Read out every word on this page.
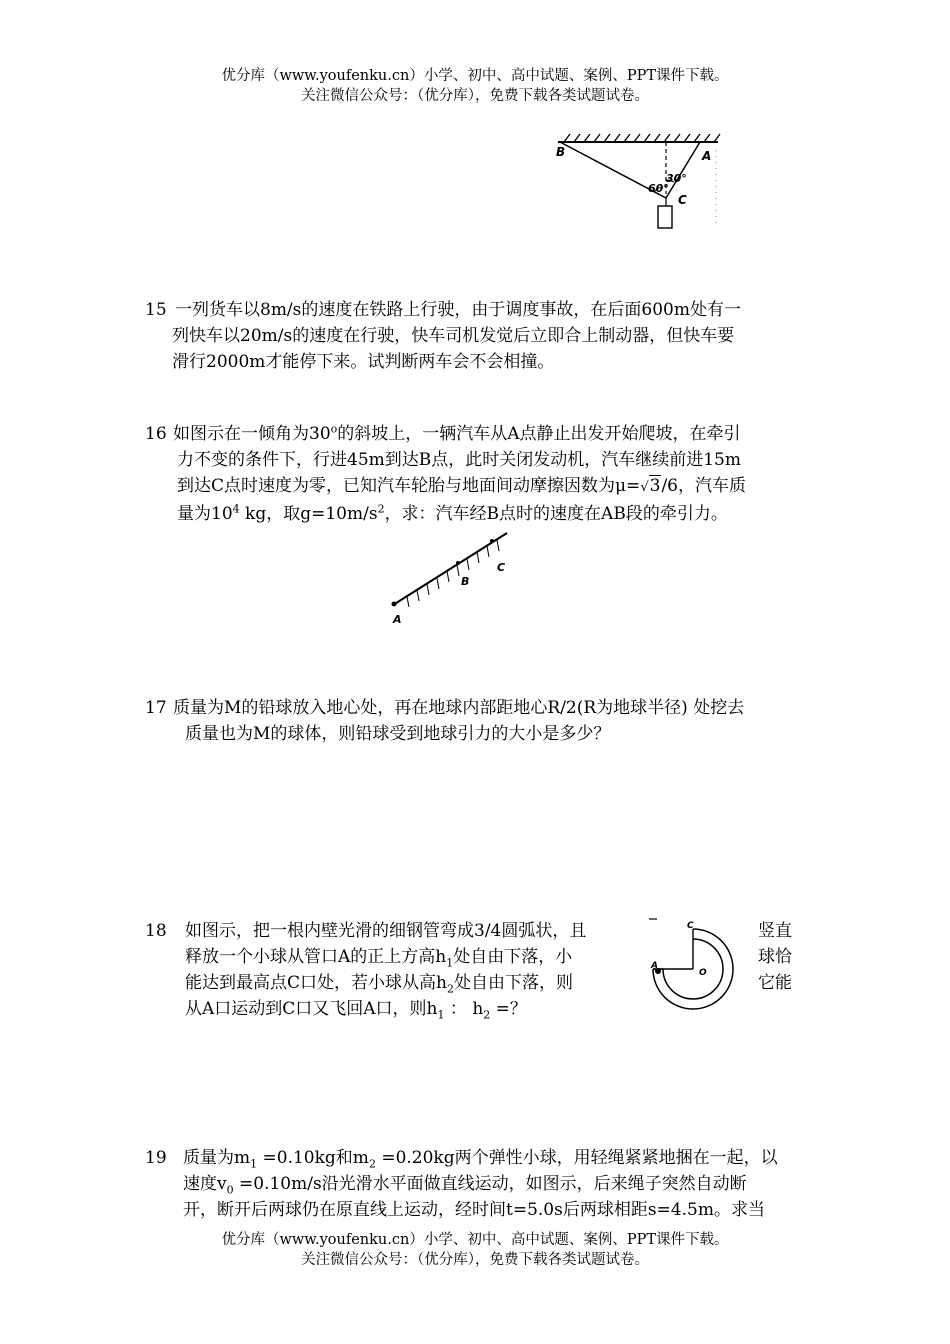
优分库（www.youfenku.cn）小学、初中、高中试题、案例、PPT课件下载。
关注微信公众号：（优分库），免费下载各类试题试卷。
B	A
C
60°
30°
15 一列货车以8m/s的速度在铁路上行驶，由于调度事故，在后面600m处有一
列快车以20m/s的速度在行驶，快车司机发觉后立即合上制动器，但快车要
滑行2000m才能停下来。试判断两车会不会相撞。
16 如图示在一倾角为30$^o$的斜坡上，一辆汽车从A点静止出发开始爬坡，在牵引
力不变的条件下，行进45m到达B点，此时关闭发动机，汽车继续前进15m
到达C点时速度为零，已知汽车轮胎与地面间动摩擦因数为μ=√3/6，汽车质
量为$10^4$ kg，取$g=10m/s^2$，求：汽车经B点时的速度在AB段的牵引力。
A
B
C
17 质量为M的铅球放入地心处，再在地球内部距地心R/2(R为地球半径) 处挖去
质量也为M的球体，则铅球受到地球引力的大小是多少？
18 如图示，把一根内壁光滑的细钢管弯成3/4圆弧状，且
释放一个小球从管口A的正上方高$h_1$处自由下落，小
能达到最高点C口处，若小球从高$h_2$处自由下落，则
从A口运动到C口又飞回A口，则$h_1$ ： $h_2$ =？
竖直
球恰
它能
C
A
O
19 质量为$m_1 =0.10kg$和$m_2 =0.20kg$两个弹性小球，用轻绳紧紧地捆在一起，以
速度$v_0 =0.10m/s$沿光滑水平面做直线运动，如图示，后来绳子突然自动断
开，断开后两球仍在原直线上运动，经时间t=5.0s后两球相距s=4.5m。求当
优分库（www.youfenku.cn）小学、初中、高中试题、案例、PPT课件下载。
关注微信公众号：（优分库），免费下载各类试题试卷。
